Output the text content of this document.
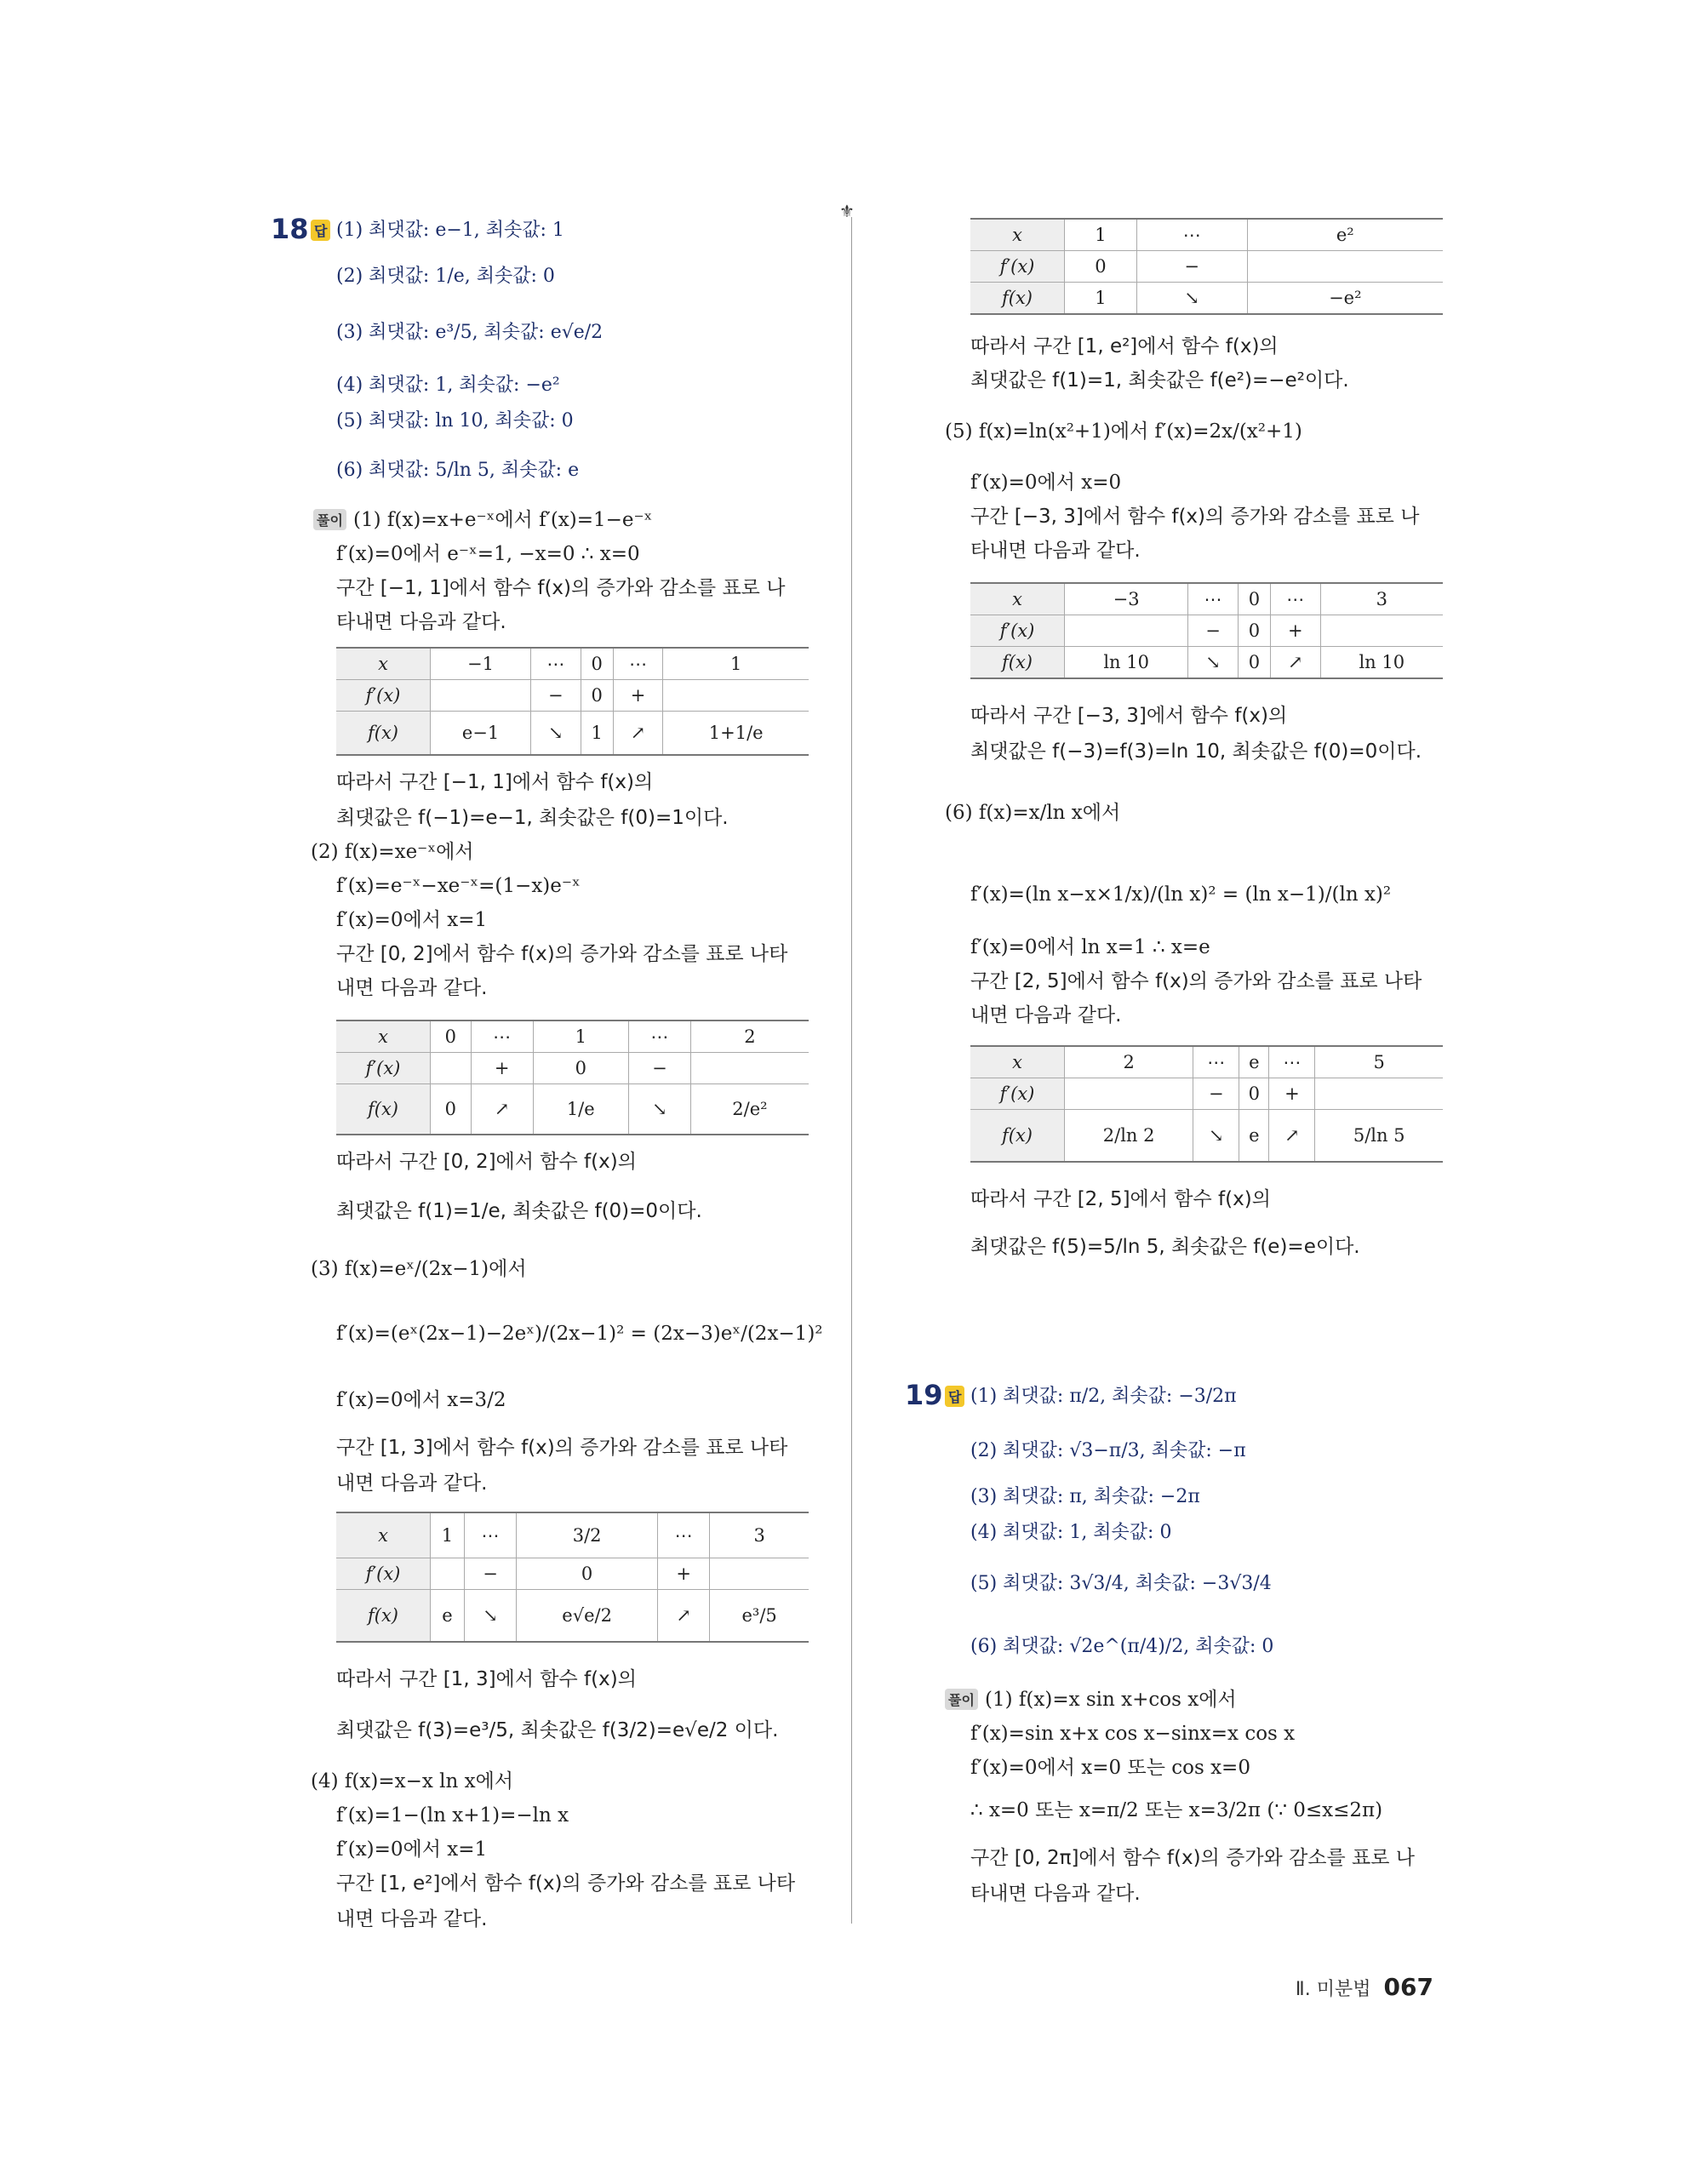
⚜
18 답 (1) 최댓값: e−1, 최솟값: 1
(2) 최댓값: 1/e, 최솟값: 0
(3) 최댓값: e³/5, 최솟값: e√e/2
(4) 최댓값: 1, 최솟값: −e²
(5) 최댓값: ln 10, 최솟값: 0
(6) 최댓값: 5/ln 5, 최솟값: e
풀이 (1) f(x)=x+e⁻ˣ에서 f′(x)=1−e⁻ˣ
f′(x)=0에서 e⁻ˣ=1, −x=0 ∴ x=0
구간 [−1, 1]에서 함수 f(x)의 증가와 감소를 표로 나
타내면 다음과 같다.
x	−1	⋯	0	⋯	1
f′(x)		−	0	+	
f(x)	e−1	↘	1	↗	1+1/e
따라서 구간 [−1, 1]에서 함수 f(x)의
최댓값은 f(−1)=e−1, 최솟값은 f(0)=1이다.
(2) f(x)=xe⁻ˣ에서
f′(x)=e⁻ˣ−xe⁻ˣ=(1−x)e⁻ˣ
f′(x)=0에서 x=1
구간 [0, 2]에서 함수 f(x)의 증가와 감소를 표로 나타
내면 다음과 같다.
x	0	⋯	1	⋯	2
f′(x)		+	0	−	
f(x)	0	↗	1/e	↘	2/e²
따라서 구간 [0, 2]에서 함수 f(x)의
최댓값은 f(1)=1/e, 최솟값은 f(0)=0이다.
(3) f(x)=eˣ/(2x−1)에서
f′(x)=(eˣ(2x−1)−2eˣ)/(2x−1)² = (2x−3)eˣ/(2x−1)²
f′(x)=0에서 x=3/2
구간 [1, 3]에서 함수 f(x)의 증가와 감소를 표로 나타
내면 다음과 같다.
x	1	⋯	3/2	⋯	3
f′(x)		−	0	+	
f(x)	e	↘	e√e/2	↗	e³/5
따라서 구간 [1, 3]에서 함수 f(x)의
최댓값은 f(3)=e³/5, 최솟값은 f(3/2)=e√e/2 이다.
(4) f(x)=x−x ln x에서
f′(x)=1−(ln x+1)=−ln x
f′(x)=0에서 x=1
구간 [1, e²]에서 함수 f(x)의 증가와 감소를 표로 나타
내면 다음과 같다.
x	1	⋯	e²
f′(x)	0	−	
f(x)	1	↘	−e²
따라서 구간 [1, e²]에서 함수 f(x)의
최댓값은 f(1)=1, 최솟값은 f(e²)=−e²이다.
(5) f(x)=ln(x²+1)에서 f′(x)=2x/(x²+1)
f′(x)=0에서 x=0
구간 [−3, 3]에서 함수 f(x)의 증가와 감소를 표로 나
타내면 다음과 같다.
x	−3	⋯	0	⋯	3
f′(x)		−	0	+	
f(x)	ln 10	↘	0	↗	ln 10
따라서 구간 [−3, 3]에서 함수 f(x)의
최댓값은 f(−3)=f(3)=ln 10, 최솟값은 f(0)=0이다.
(6) f(x)=x/ln x에서
f′(x)=(ln x−x×1/x)/(ln x)² = (ln x−1)/(ln x)²
f′(x)=0에서 ln x=1 ∴ x=e
구간 [2, 5]에서 함수 f(x)의 증가와 감소를 표로 나타
내면 다음과 같다.
x	2	⋯	e	⋯	5
f′(x)		−	0	+	
f(x)	2/ln 2	↘	e	↗	5/ln 5
따라서 구간 [2, 5]에서 함수 f(x)의
최댓값은 f(5)=5/ln 5, 최솟값은 f(e)=e이다.
19 답 (1) 최댓값: π/2, 최솟값: −3/2π
(2) 최댓값: √3−π/3, 최솟값: −π
(3) 최댓값: π, 최솟값: −2π
(4) 최댓값: 1, 최솟값: 0
(5) 최댓값: 3√3/4, 최솟값: −3√3/4
(6) 최댓값: √2e^(π/4)/2, 최솟값: 0
풀이 (1) f(x)=x sin x+cos x에서
f′(x)=sin x+x cos x−sinx=x cos x
f′(x)=0에서 x=0 또는 cos x=0
∴ x=0 또는 x=π/2 또는 x=3/2π (∵ 0≤x≤2π)
구간 [0, 2π]에서 함수 f(x)의 증가와 감소를 표로 나
타내면 다음과 같다.
Ⅱ. 미분법 067
